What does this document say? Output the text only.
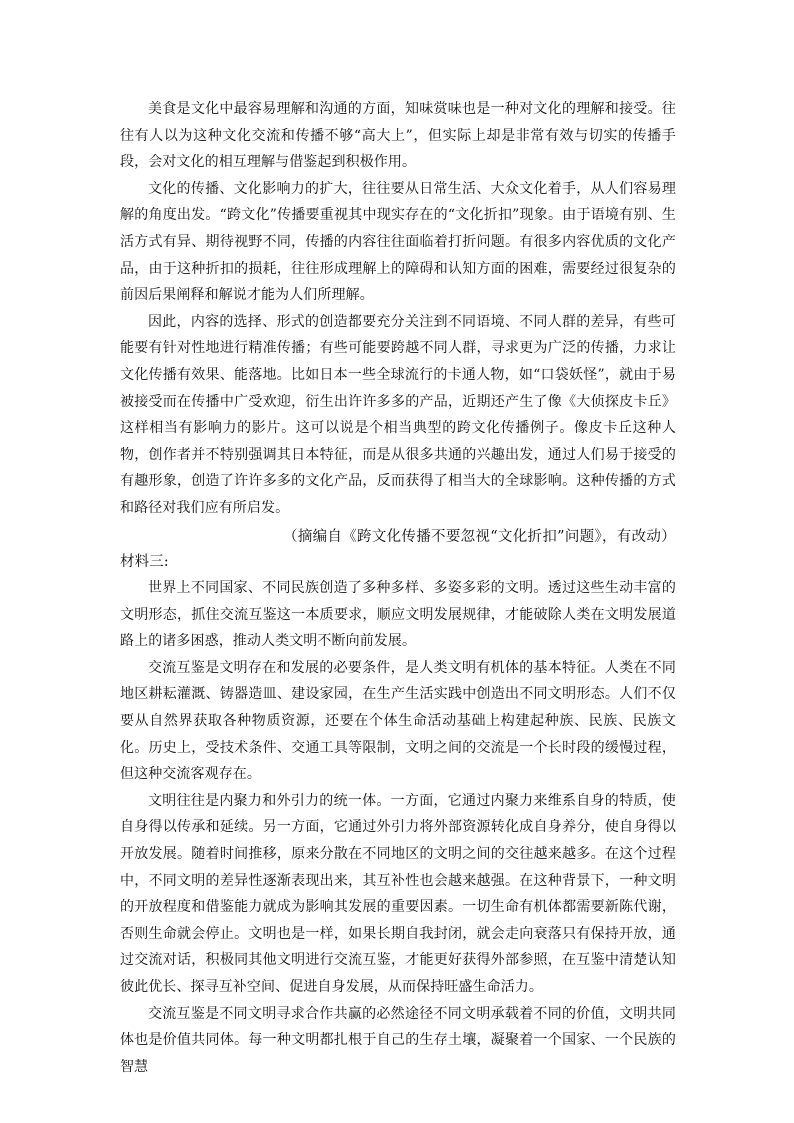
美食是文化中最容易理解和沟通的方面，知味赏味也是一种对文化的理解和接受。往往有人以为这种文化交流和传播不够“高大上”，但实际上却是非常有效与切实的传播手段，会对文化的相互理解与借鉴起到积极作用。

文化的传播、文化影响力的扩大，往往要从日常生活、大众文化着手，从人们容易理解的角度出发。“跨文化”传播要重视其中现实存在的“文化折扣”现象。由于语境有别、生活方式有异、期待视野不同，传播的内容往往面临着打折问题。有很多内容优质的文化产品，由于这种折扣的损耗，往往形成理解上的障碍和认知方面的困难，需要经过很复杂的前因后果阐释和解说才能为人们所理解。

因此，内容的选择、形式的创造都要充分关注到不同语境、不同人群的差异，有些可能要有针对性地进行精准传播；有些可能要跨越不同人群，寻求更为广泛的传播，力求让文化传播有效果、能落地。比如日本一些全球流行的卡通人物，如“口袋妖怪”，就由于易被接受而在传播中广受欢迎，衍生出许许多多的产品，近期还产生了像《大侦探皮卡丘》这样相当有影响力的影片。这可以说是个相当典型的跨文化传播例子。像皮卡丘这种人物，创作者并不特别强调其日本特征，而是从很多共通的兴趣出发，通过人们易于接受的有趣形象，创造了许许多多的文化产品，反而获得了相当大的全球影响。这种传播的方式和路径对我们应有所启发。

（摘编自《跨文化传播不要忽视“文化折扣”问题》，有改动）

材料三:

世界上不同国家、不同民族创造了多种多样、多姿多彩的文明。透过这些生动丰富的文明形态，抓住交流互鉴这一本质要求，顺应文明发展规律，才能破除人类在文明发展道路上的诸多困惑，推动人类文明不断向前发展。

交流互鉴是文明存在和发展的必要条件，是人类文明有机体的基本特征。人类在不同地区耕耘灌溉、铸器造皿、建设家园，在生产生活实践中创造出不同文明形态。人们不仅要从自然界获取各种物质资源，还要在个体生命活动基础上构建起种族、民族、民族文化。历史上，受技术条件、交通工具等限制，文明之间的交流是一个长时段的缓慢过程，但这种交流客观存在。

文明往往是内聚力和外引力的统一体。一方面，它通过内聚力来维系自身的特质，使自身得以传承和延续。另一方面，它通过外引力将外部资源转化成自身养分，使自身得以开放发展。随着时间推移，原来分散在不同地区的文明之间的交往越来越多。在这个过程中，不同文明的差异性逐渐表现出来，其互补性也会越来越强。在这种背景下，一种文明的开放程度和借鉴能力就成为影响其发展的重要因素。一切生命有机体都需要新陈代谢，否则生命就会停止。文明也是一样，如果长期自我封闭，就会走向衰落只有保持开放，通过交流对话，积极同其他文明进行交流互鉴，才能更好获得外部参照，在互鉴中清楚认知彼此优长、探寻互补空间、促进自身发展，从而保持旺盛生命活力。

交流互鉴是不同文明寻求合作共赢的必然途径不同文明承载着不同的价值，文明共同体也是价值共同体。每一种文明都扎根于自己的生存土壤，凝聚着一个国家、一个民族的智慧
